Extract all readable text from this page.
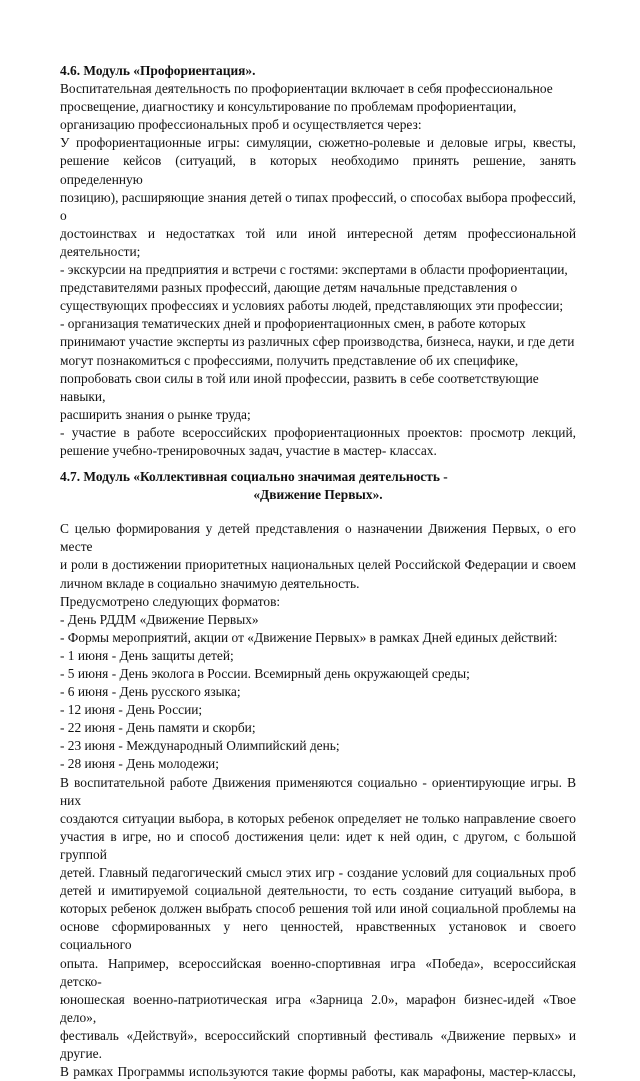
4.6. Модуль «Профориентация».

Воспитательная деятельность по профориентации включает в себя профессиональное

просвещение, диагностику и консультирование по проблемам профориентации,

организацию профессиональных проб и осуществляется через:

У профориентационные игры: симуляции, сюжетно-ролевые и деловые игры, квесты,

решение кейсов (ситуаций, в которых необходимо принять решение, занять определенную

позицию), расширяющие знания детей о типах профессий, о способах выбора профессий, о

достоинствах и недостатках той или иной интересной детям профессиональной

деятельности;

- экскурсии на предприятия и встречи с гостями: экспертами в области профориентации,

представителями разных профессий, дающие детям начальные представления о

существующих профессиях и условиях работы людей, представляющих эти профессии;

- организация тематических дней и профориентационных смен, в работе которых

принимают участие эксперты из различных сфер производства, бизнеса, науки, и где дети

могут познакомиться с профессиями, получить представление об их специфике,

попробовать свои силы в той или иной профессии, развить в себе соответствующие навыки,

расширить знания о рынке труда;

- участие в работе всероссийских профориентационных проектов: просмотр лекций,

решение учебно-тренировочных задач, участие в мастер- классах.

4.7. Модуль «Коллективная социально значимая деятельность -

«Движение Первых».

С целью формирования у детей представления о назначении Движения Первых, о его месте

и роли в достижении приоритетных национальных целей Российской Федерации и своем

личном вкладе в социально значимую деятельность.

Предусмотрено следующих форматов:

- День РДДМ «Движение Первых»

- Формы мероприятий, акции от «Движение Первых» в рамках Дней единых действий:

- 1 июня - День защиты детей;

- 5 июня - День эколога в России. Всемирный день окружающей среды;

- 6 июня - День русского языка;

- 12 июня - День России;

- 22 июня - День памяти и скорби;

- 23 июня - Международный Олимпийский день;

- 28 июня - День молодежи;

В воспитательной работе Движения применяются социально - ориентирующие игры. В них

создаются ситуации выбора, в которых ребенок определяет не только направление своего

участия в игре, но и способ достижения цели: идет к ней один, с другом, с большой группой

детей. Главный педагогический смысл этих игр - создание условий для социальных проб

детей и имитируемой социальной деятельности, то есть создание ситуаций выбора, в

которых ребенок должен выбрать способ решения той или иной социальной проблемы на

основе сформированных у него ценностей, нравственных установок и своего социального

опыта. Например, всероссийская военно-спортивная игра «Победа», всероссийская детско-

юношеская военно-патриотическая игра «Зарница 2.0», марафон бизнес-идей «Твое дело»,

фестиваль «Действуй», всероссийский спортивный фестиваль «Движение первых» и другие.

В рамках Программы используются такие формы работы, как марафоны, мастер-классы,
